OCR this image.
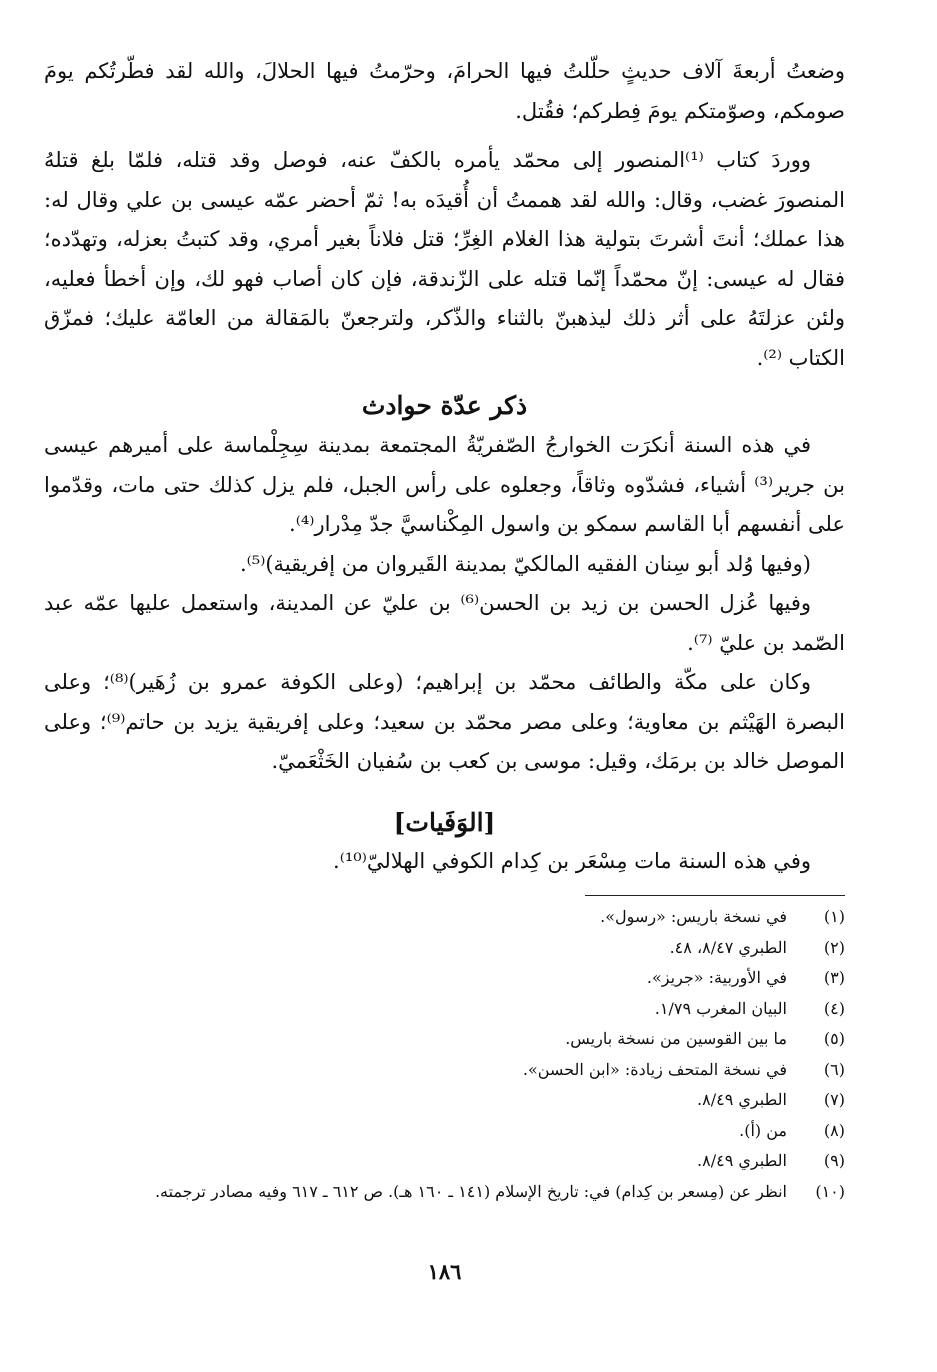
وضعتُ أربعةَ آلاف حديثٍ حلّلتُ فيها الحرامَ، وحرّمتُ فيها الحلالَ، والله لقد فطّرتُكم يومَ صومكم، وصوّمتكم يومَ فِطركم؛ فقُتل.

ووردَ كتاب ⁽¹⁾المنصور إلى محمّد يأمره بالكفّ عنه، فوصل وقد قتله، فلمّا بلغ قتلهُ المنصورَ غضب، وقال: والله لقد هممتُ أن أُقيدَه به! ثمّ أحضر عمّه عيسى بن علي وقال له: هذا عملك؛ أنتَ أشرتَ بتولية هذا الغلام الغِرِّ؛ قتل فلاناً بغير أمري، وقد كتبتُ بعزله، وتهدّده؛ فقال له عيسى: إنّ محمّداً إنّما قتله على الزّندقة، فإن كان أصاب فهو لك، وإن أخطأ فعليه، ولئن عزلتَهُ على أثر ذلك ليذهبنّ بالثناء والذّكر، ولترجعنّ بالمَقالة من العامّة عليك؛ فمزّق الكتاب ⁽²⁾.

ذكر عدّة حوادث

في هذه السنة أنكرَت الخوارجُ الصّفريّةُ المجتمعة بمدينة سِجِلْماسة على أميرهم عيسى بن جرير⁽³⁾ أشياء، فشدّوه وثاقاً، وجعلوه على رأس الجبل، فلم يزل كذلك حتى مات، وقدّموا على أنفسهم أبا القاسم سمكو بن واسول المِكْناسيَّ جدّ مِدْرار⁽⁴⁾.

(وفيها وُلد أبو سِنان الفقيه المالكيّ بمدينة القَيروان من إفريقية)⁽⁵⁾.

وفيها عُزل الحسن بن زيد بن الحسن⁽⁶⁾ بن عليّ عن المدينة، واستعمل عليها عمّه عبد الصّمد بن عليّ ⁽⁷⁾.

وكان على مكّة والطائف محمّد بن إبراهيم؛ (وعلى الكوفة عمرو بن زُهَير)⁽⁸⁾؛ وعلى البصرة الهَيْثم بن معاوية؛ وعلى مصر محمّد بن سعيد؛ وعلى إفريقية يزيد بن حاتم⁽⁹⁾؛ وعلى الموصل خالد بن برمَك، وقيل: موسى بن كعب بن سُفيان الخَثْعَميّ.

[الوَفَيات]

وفي هذه السنة مات مِسْعَر بن كِدام الكوفي الهلاليّ⁽¹⁰⁾.

(١)
في نسخة باريس: «رسول».
(٢)
الطبري ٨/٤٧، ٤٨.
(٣)
في الأوربية: «جريز».
(٤)
البيان المغرب ١/٧٩.
(٥)
ما بين القوسين من نسخة باريس.
(٦)
في نسخة المتحف زيادة: «ابن الحسن».
(٧)
الطبري ٨/٤٩.
(٨)
من (أ).
(٩)
الطبري ٨/٤٩.
(١٠)
انظر عن (مِسعر بن كِدام) في: تاريخ الإسلام (١٤١ ـ ١٦٠ هـ). ص ٦١٢ ـ ٦١٧ وفيه مصادر ترجمته.
١٨٦
